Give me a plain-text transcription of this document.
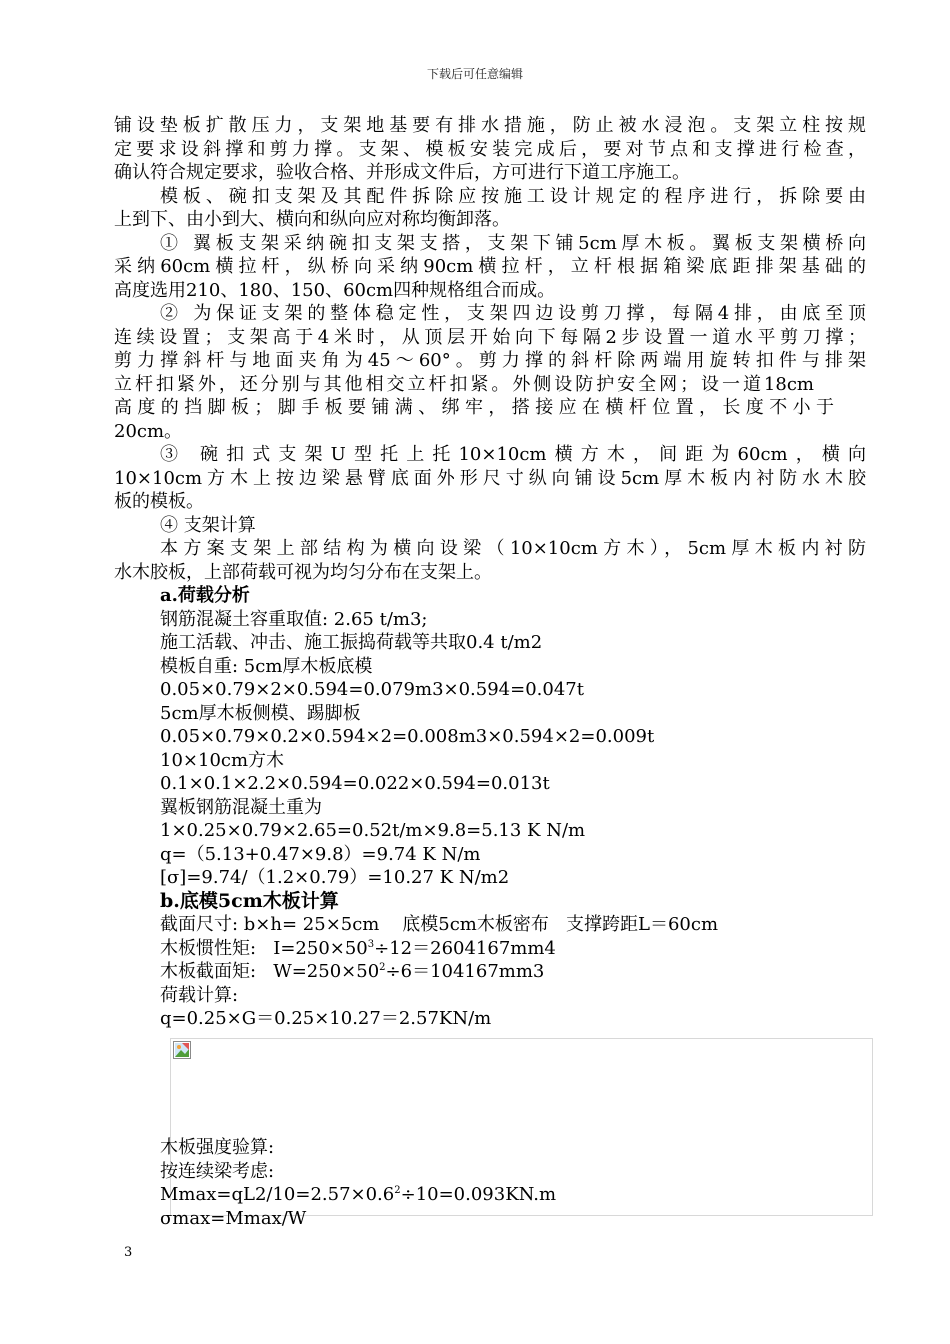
下载后可任意编辑

铺设垫板扩散压力，支架地基要有排水措施，防止被水浸泡。支架立柱按规

定要求设斜撑和剪力撑。支架、模板安装完成后，要对节点和支撑进行检查，

确认符合规定要求，验收合格、并形成文件后，方可进行下道工序施工。

模板、碗扣支架及其配件拆除应按施工设计规定的程序进行，拆除要由

上到下、由小到大、横向和纵向应对称均衡卸落。

① 翼板支架采纳碗扣支架支搭，支架下铺5cm厚木板。翼板支架横桥向

采纳60cm横拉杆，纵桥向采纳90cm横拉杆，立杆根据箱梁底距排架基础的

高度选用210、180、150、60cm四种规格组合而成。

② 为保证支架的整体稳定性，支架四边设剪刀撑，每隔4排，由底至顶

连续设置；支架高于4米时，从顶层开始向下每隔2步设置一道水平剪刀撑；

剪力撑斜杆与地面夹角为45～60°。剪力撑的斜杆除两端用旋转扣件与排架

立杆扣紧外，还分别与其他相交立杆扣紧。外侧设防护安全网；设一道18cm

高度的挡脚板；脚手板要铺满、绑牢，搭接应在横杆位置，长度不小于

20cm。

③ 碗扣式支架U型托上托10×10cm横方木，间距为60cm，横向

10×10cm方木上按边梁悬臂底面外形尺寸纵向铺设5cm厚木板内衬防水木胶

板的模板。

④ 支架计算

本方案支架上部结构为横向设梁（10×10cm方木），5cm厚木板内衬防

水木胶板，上部荷载可视为均匀分布在支架上。

a.荷载分析

钢筋混凝土容重取值: 2.65 t/m3;

施工活载、冲击、施工振捣荷载等共取0.4 t/m2

模板自重: 5cm厚木板底模

0.05×0.79×2×0.594=0.079m3×0.594=0.047t

5cm厚木板侧模、踢脚板

0.05×0.79×0.2×0.594×2=0.008m3×0.594×2=0.009t

10×10cm方木

0.1×0.1×2.2×0.594=0.022×0.594=0.013t

翼板钢筋混凝土重为

1×0.25×0.79×2.65=0.52t/m×9.8=5.13 K N/m

q=（5.13+0.47×9.8）=9.74 K N/m

[σ]=9.74/（1.2×0.79）=10.27 K N/m2

b.底模5cm木板计算

截面尺寸: b×h= 25×5cm    底模5cm木板密布   支撑跨距L＝60cm

木板惯性矩:   $I=250\times 50^3\div 12=2604167mm4$

木板截面矩:   $W=250\times 50^2\div 6=104167mm3$

荷载计算:

q=0.25×G＝0.25×10.27＝2.57KN/m

木板强度验算:

按连续梁考虑:

$Mmax=qL2/10=2.57\times 0.6^2\div 10=0.093KN.m$

σmax=Mmax/W

3
